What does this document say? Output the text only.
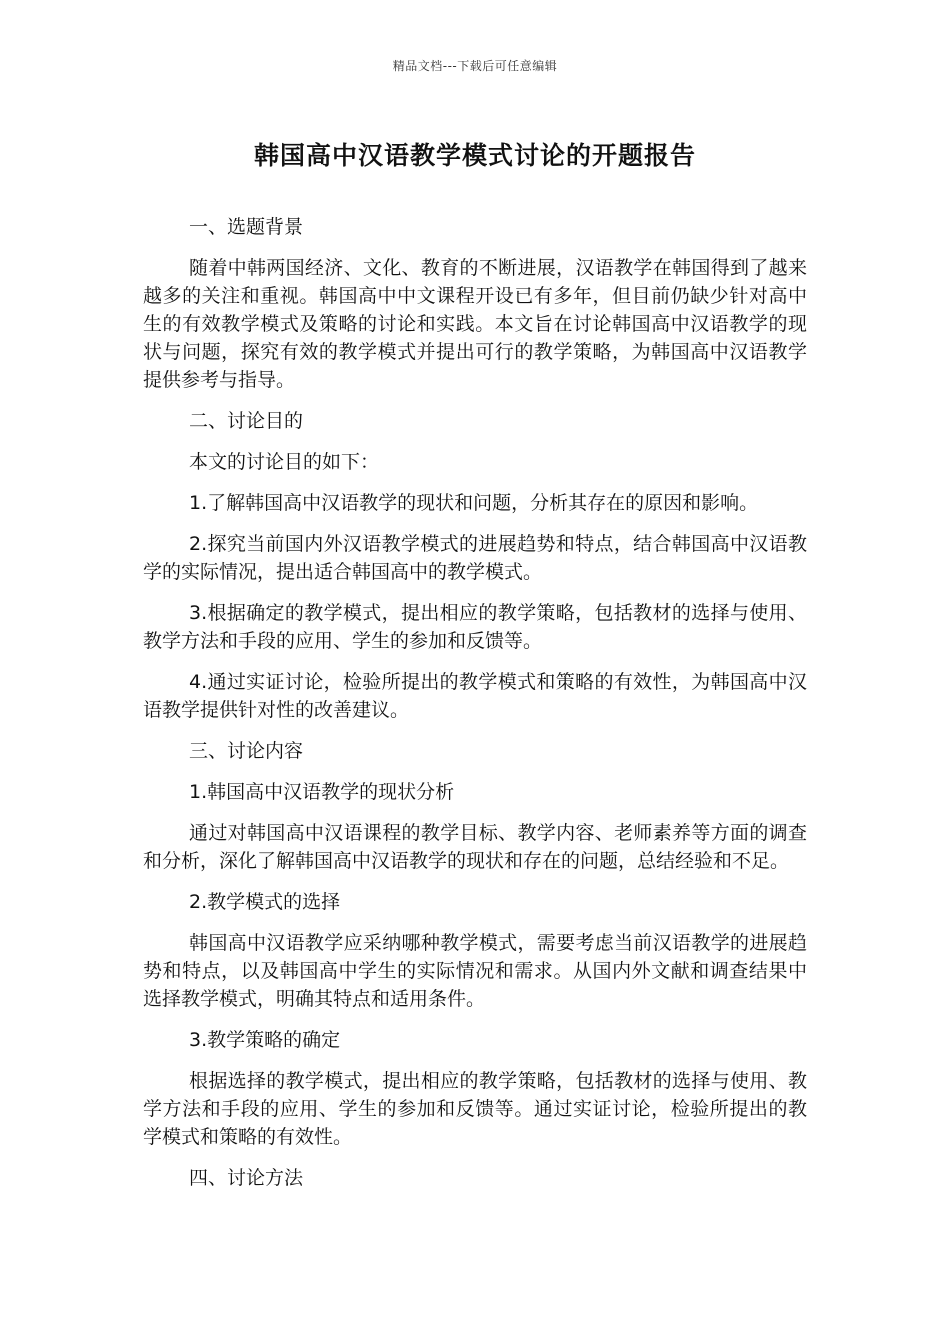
精品文档---下载后可任意编辑
韩国高中汉语教学模式讨论的开题报告

一、选题背景

随着中韩两国经济、文化、教育的不断进展，汉语教学在韩国得到了越来越多的关注和重视。韩国高中中文课程开设已有多年，但目前仍缺少针对高中生的有效教学模式及策略的讨论和实践。本文旨在讨论韩国高中汉语教学的现状与问题，探究有效的教学模式并提出可行的教学策略，为韩国高中汉语教学提供参考与指导。

二、讨论目的

本文的讨论目的如下：

1.了解韩国高中汉语教学的现状和问题，分析其存在的原因和影响。

2.探究当前国内外汉语教学模式的进展趋势和特点，结合韩国高中汉语教学的实际情况，提出适合韩国高中的教学模式。

3.根据确定的教学模式，提出相应的教学策略，包括教材的选择与使用、教学方法和手段的应用、学生的参加和反馈等。

4.通过实证讨论，检验所提出的教学模式和策略的有效性，为韩国高中汉语教学提供针对性的改善建议。

三、讨论内容

1.韩国高中汉语教学的现状分析

通过对韩国高中汉语课程的教学目标、教学内容、老师素养等方面的调查和分析，深化了解韩国高中汉语教学的现状和存在的问题，总结经验和不足。

2.教学模式的选择

韩国高中汉语教学应采纳哪种教学模式，需要考虑当前汉语教学的进展趋势和特点，以及韩国高中学生的实际情况和需求。从国内外文献和调查结果中选择教学模式，明确其特点和适用条件。

3.教学策略的确定

根据选择的教学模式，提出相应的教学策略，包括教材的选择与使用、教学方法和手段的应用、学生的参加和反馈等。通过实证讨论，检验所提出的教学模式和策略的有效性。

四、讨论方法
